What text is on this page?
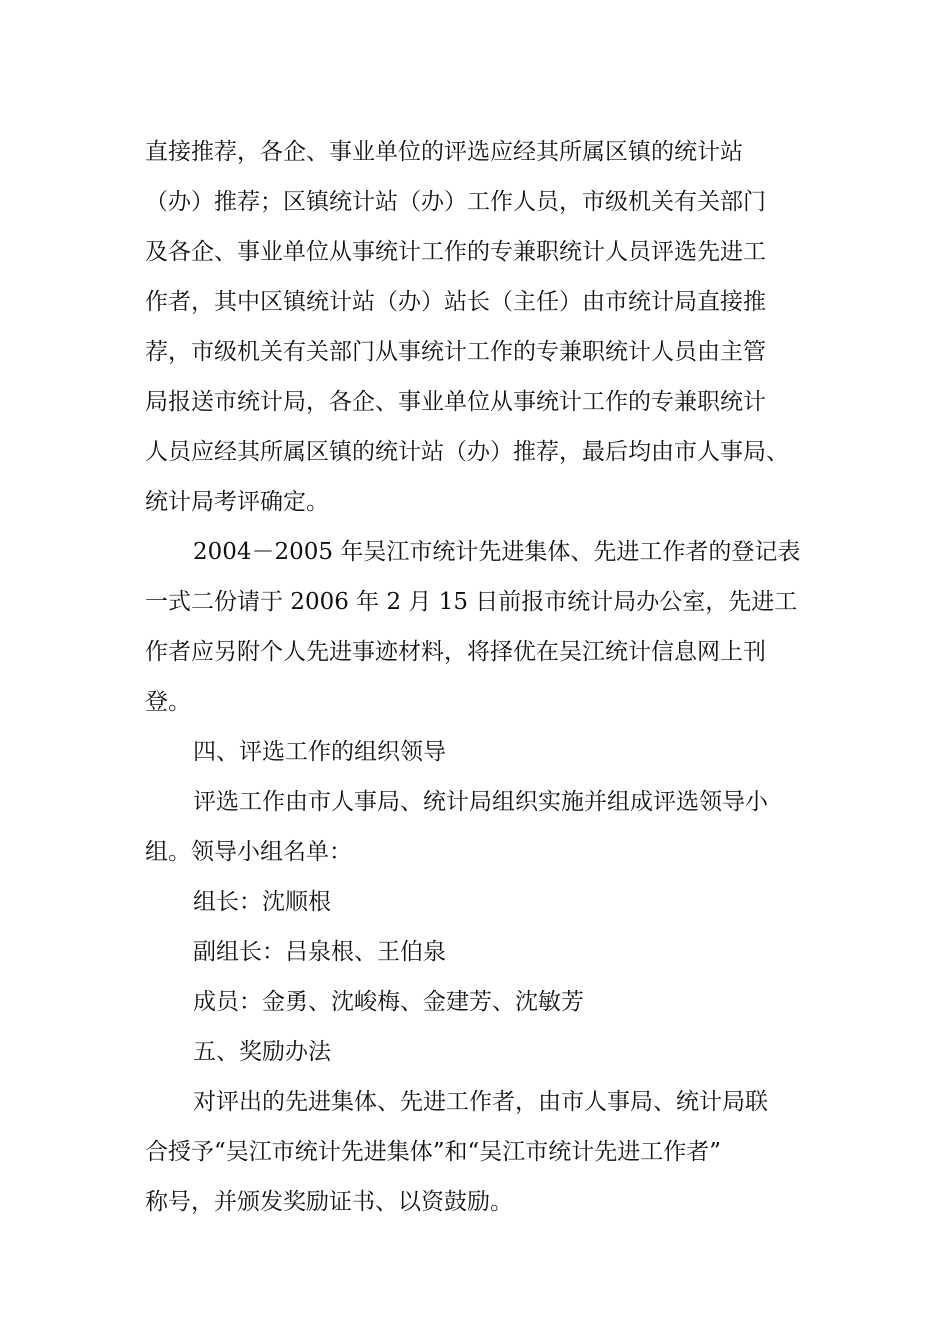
直接推荐，各企、事业单位的评选应经其所属区镇的统计站
（办）推荐；区镇统计站（办）工作人员，市级机关有关部门
及各企、事业单位从事统计工作的专兼职统计人员评选先进工
作者，其中区镇统计站（办）站长（主任）由市统计局直接推
荐，市级机关有关部门从事统计工作的专兼职统计人员由主管
局报送市统计局，各企、事业单位从事统计工作的专兼职统计
人员应经其所属区镇的统计站（办）推荐，最后均由市人事局、
统计局考评确定。
2004－2005 年吴江市统计先进集体、先进工作者的登记表
一式二份请于 2006 年 2 月 15 日前报市统计局办公室，先进工
作者应另附个人先进事迹材料，将择优在吴江统计信息网上刊
登。
四、评选工作的组织领导
评选工作由市人事局、统计局组织实施并组成评选领导小
组。领导小组名单：
组长：沈顺根
副组长：吕泉根、王伯泉
成员：金勇、沈峻梅、金建芳、沈敏芳
五、奖励办法
对评出的先进集体、先进工作者，由市人事局、统计局联
合授予“吴江市统计先进集体”和“吴江市统计先进工作者”
称号，并颁发奖励证书、以资鼓励。
